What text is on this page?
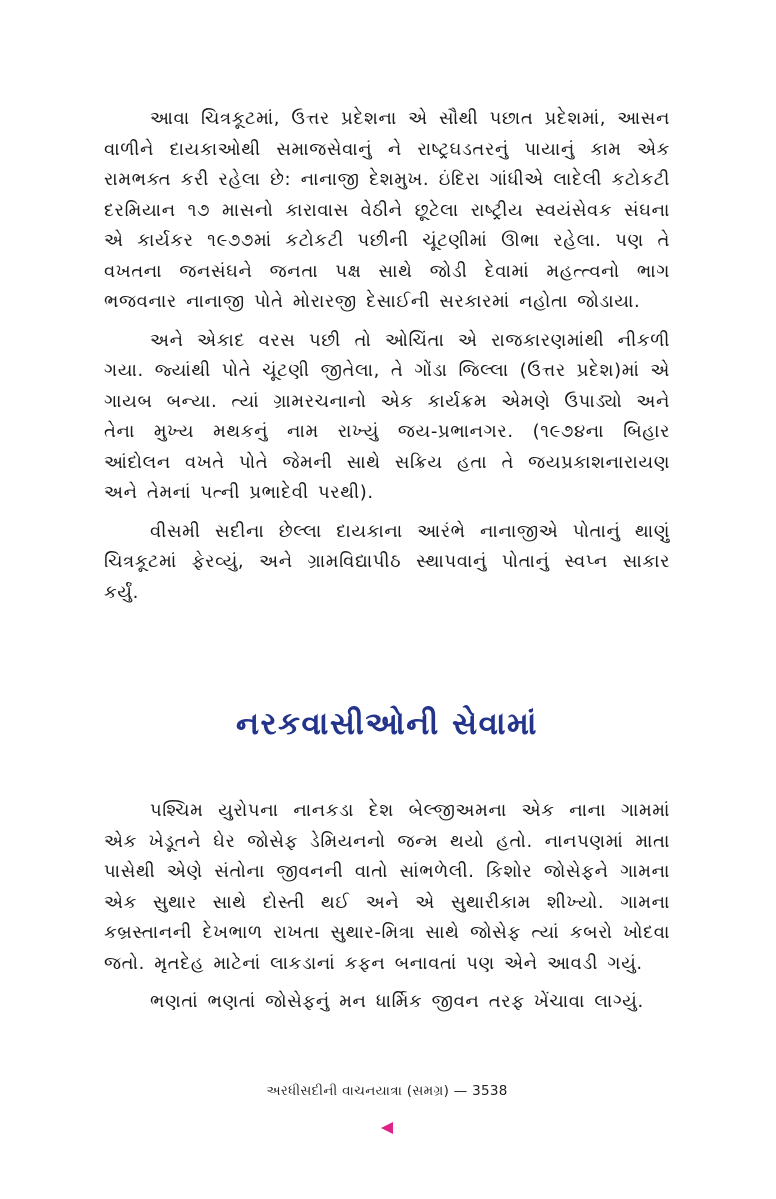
આવા ચિત્રકૂટમાં, ઉત્તર પ્રદેશના એ સૌથી પછાત પ્રદેશમાં, આસન વાળીને દાયકાઓથી સમાજસેવાનું ને રાષ્ટ્રઘડતરનું પાયાનું કામ એક રામભક્ત કરી રહેલા છે: નાનાજી દેશમુખ. ઇંદિરા ગાંધીએ લાદેલી કટોકટી દરમિયાન ૧૭ માસનો કારાવાસ વેઠીને છૂટેલા રાષ્ટ્રીય સ્વયંસેવક સંઘના એ કાર્યકર ૧૯૭૭માં કટોકટી પછીની ચૂંટણીમાં ઊભા રહેલા. પણ તે વખતના જનસંઘને જનતા પક્ષ સાથે જોડી દેવામાં મહત્ત્વનો ભાગ ભજવનાર નાનાજી પોતે મોરારજી દેસાઈની સરકારમાં નહોતા જોડાયા.

અને એકાદ વરસ પછી તો ઓચિંતા એ રાજકારણમાંથી નીકળી ગયા. જ્યાંથી પોતે ચૂંટણી જીતેલા, તે ગોંડા જિલ્લા (ઉત્તર પ્રદેશ)માં એ ગાયબ બન્યા. ત્યાં ગ્રામરચનાનો એક કાર્યક્રમ એમણે ઉપાડ્યો અને તેના મુખ્ય મથકનું નામ રાખ્યું જય-પ્રભાનગર. (૧૯૭૪ના બિહાર આંદોલન વખતે પોતે જેમની સાથે સક્રિય હતા તે જયપ્રકાશનારાયણ અને તેમનાં પત્ની પ્રભાદેવી પરથી).

વીસમી સદીના છેલ્લા દાયકાના આરંભે નાનાજીએ પોતાનું થાણું ચિત્રકૂટમાં ફેરવ્યું, અને ગ્રામવિદ્યાપીઠ સ્થાપવાનું પોતાનું સ્વપ્ન સાકાર કર્યું.

નરકવાસીઓની સેવામાં

પશ્ચિમ યુરોપના નાનકડા દેશ બેલ્જીઅમના એક નાના ગામમાં એક ખેડૂતને ઘેર જોસેફ ડેમિયનનો જન્મ થયો હતો. નાનપણમાં માતા પાસેથી એણે સંતોના જીવનની વાતો સાંભળેલી. કિશોર જોસેફને ગામના એક સુથાર સાથે દોસ્તી થઈ અને એ સુથારીકામ શીખ્યો. ગામના કબ્રસ્તાનની દેખભાળ રાખતા સુથાર-મિત્રા સાથે જોસેફ ત્યાં કબરો ખોદવા જતો. મૃતદેહ માટેનાં લાકડાનાં કફન બનાવતાં પણ એને આવડી ગયું.

ભણતાં ભણતાં જોસેફનું મન ધાર્મિક જીવન તરફ ખેંચાવા લાગ્યું.

અરધીસદીની વાચનયાત્રા (સમગ્ર) — 3538
